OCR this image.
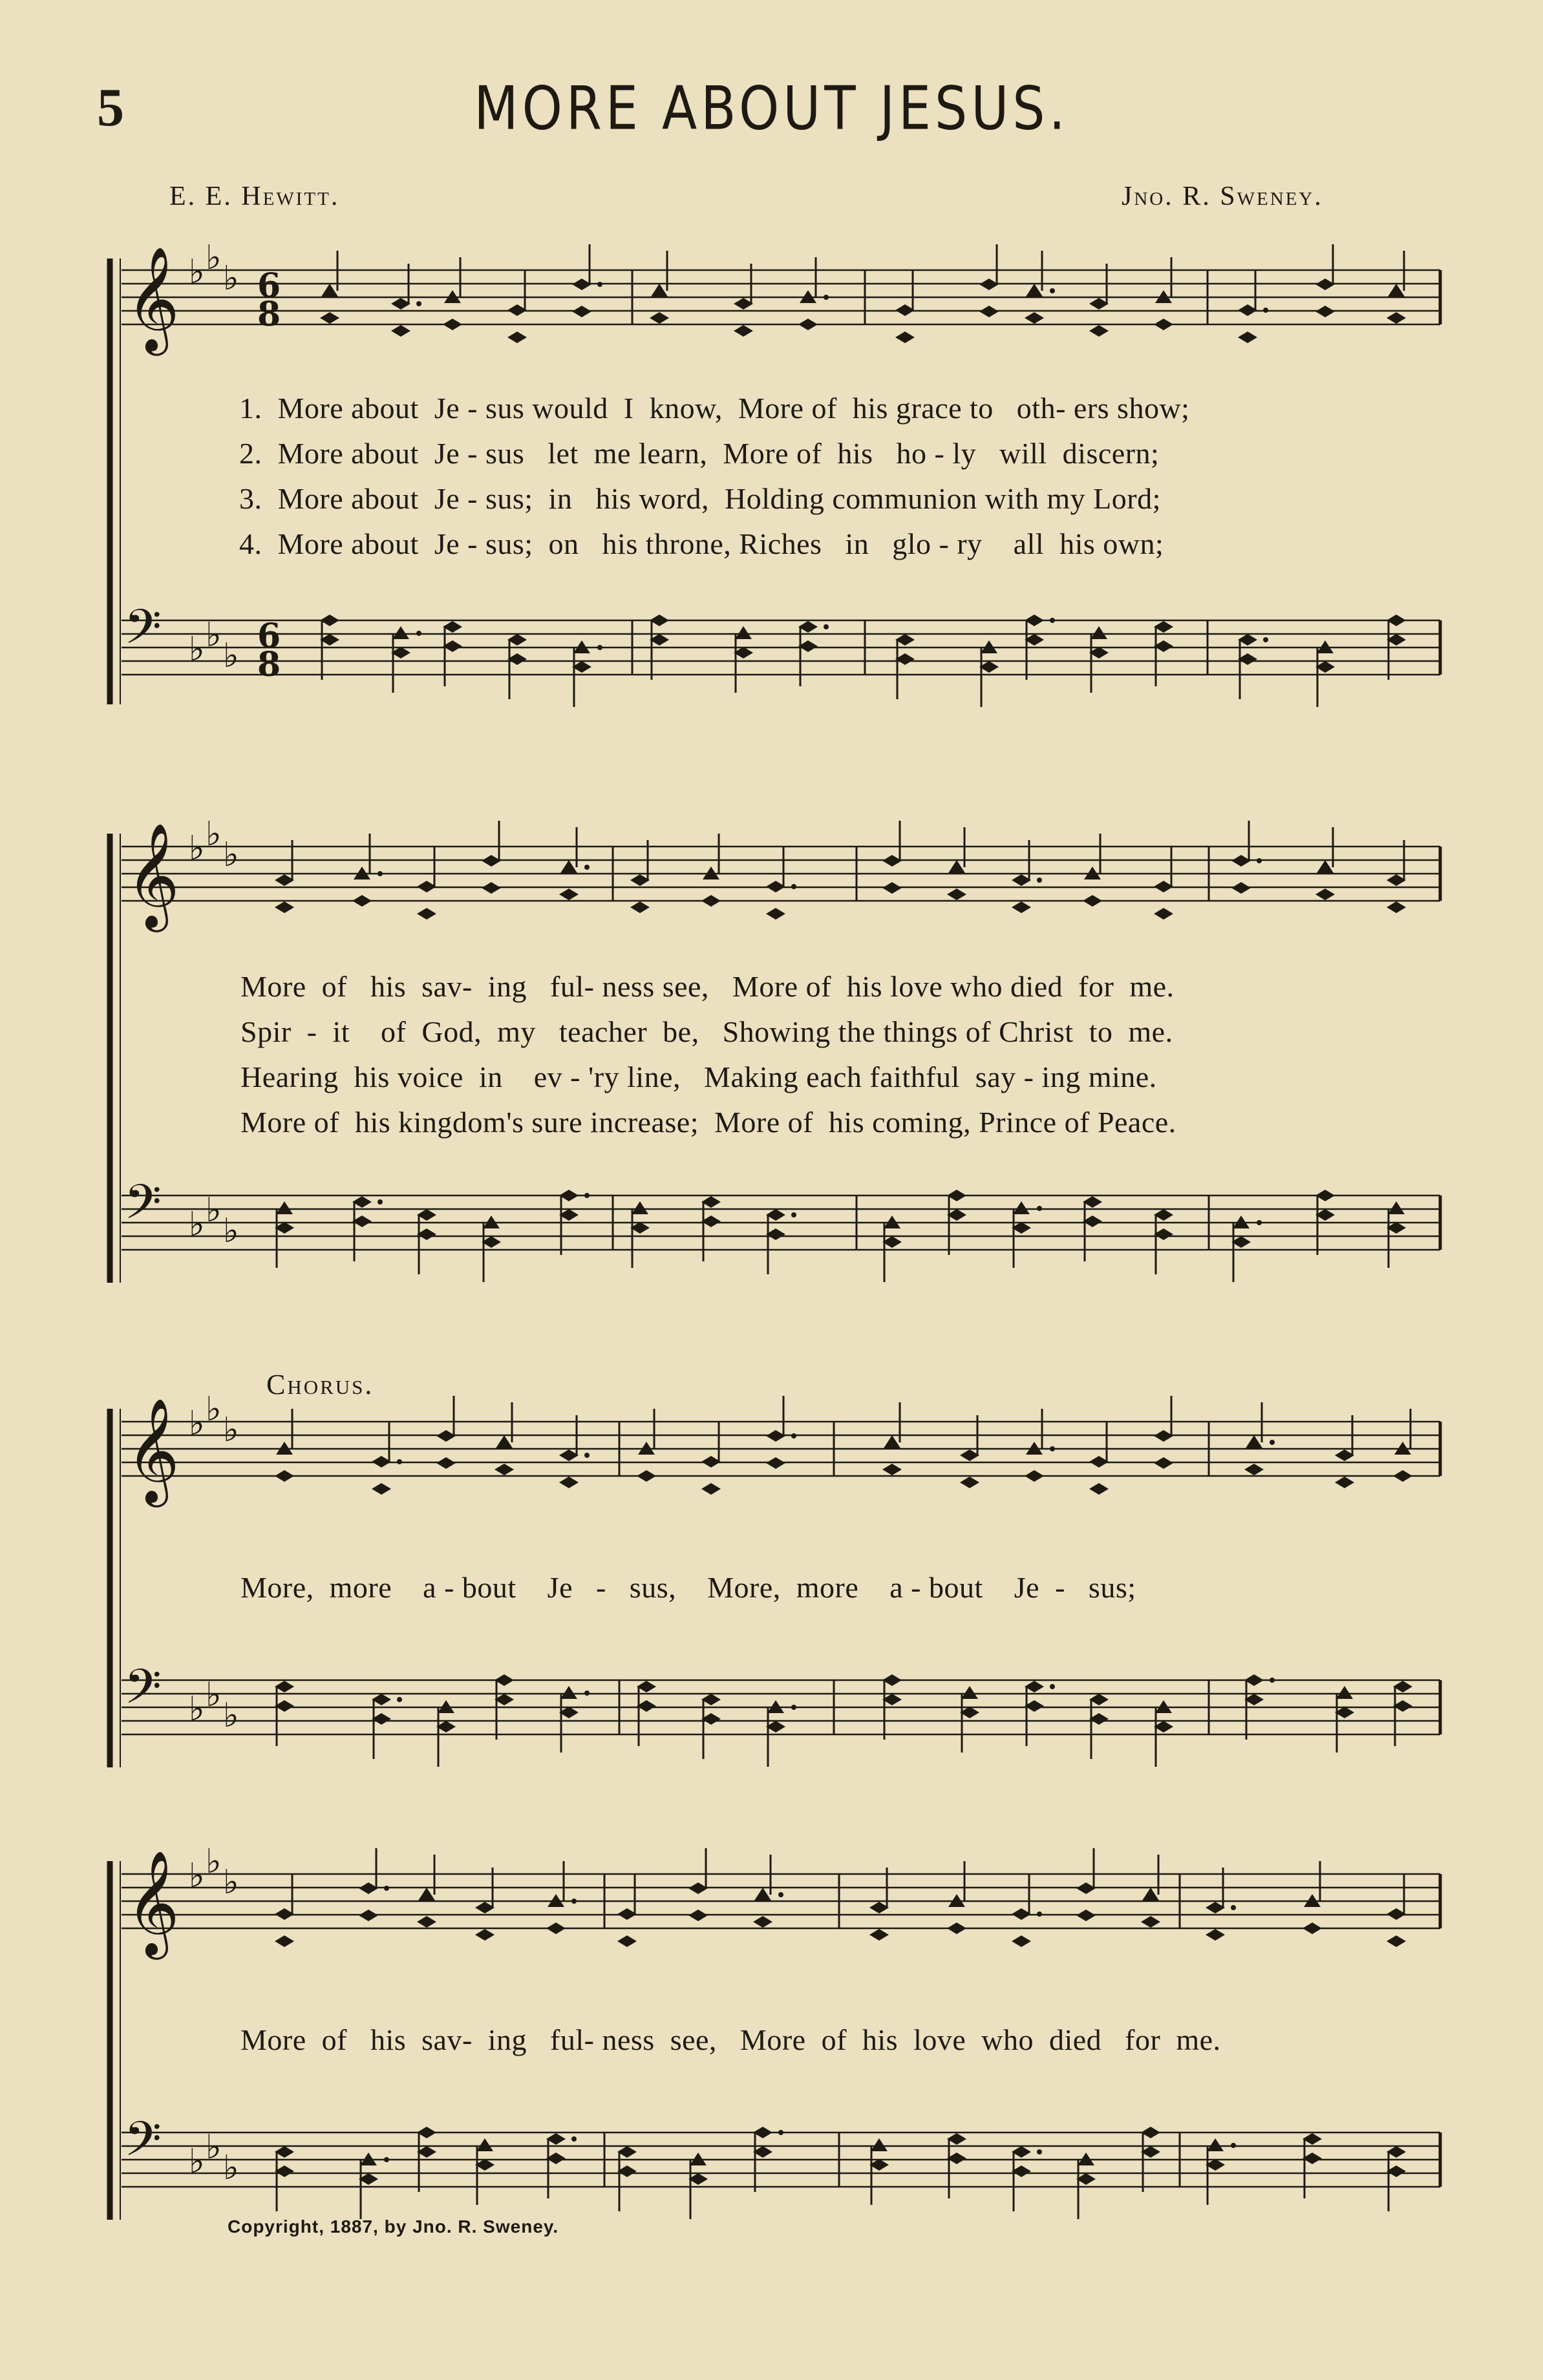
5	MORE ABOUT JESUS.
E. E. Hewitt.	Jno. R. Sweney.
𝄞 ♭ ♭
♭ 6
8
𝄢 ♭ ♭
♭ 6
8
𝄞 ♭ ♭
♭
𝄢 ♭ ♭
♭
𝄞 ♭ ♭
♭
𝄢 ♭ ♭
♭
𝄞 ♭ ♭
♭
𝄢 ♭ ♭
♭
1.  More about  Je - sus would  I  know,  More of  his grace to   oth- ers show;
2.  More about  Je - sus   let  me learn,  More of  his   ho - ly   will  discern;
3.  More about  Je - sus;  in   his word,  Holding communion with my Lord;
4.  More about  Je - sus;  on   his throne, Riches   in   glo - ry    all  his own;
More  of   his  sav-  ing   ful- ness see,   More of  his love who died  for  me.
Spir  -  it    of  God,  my   teacher  be,   Showing the things of Christ  to  me.
Hearing  his voice  in    ev - 'ry line,   Making each faithful  say - ing mine.
More of  his kingdom's sure increase;  More of  his coming, Prince of Peace.
Chorus.
More,  more    a - bout    Je   -   sus,    More,  more    a - bout    Je  -   sus;
More  of   his  sav-  ing   ful- ness  see,   More  of  his  love  who  died   for  me.
Copyright, 1887, by Jno. R. Sweney.
